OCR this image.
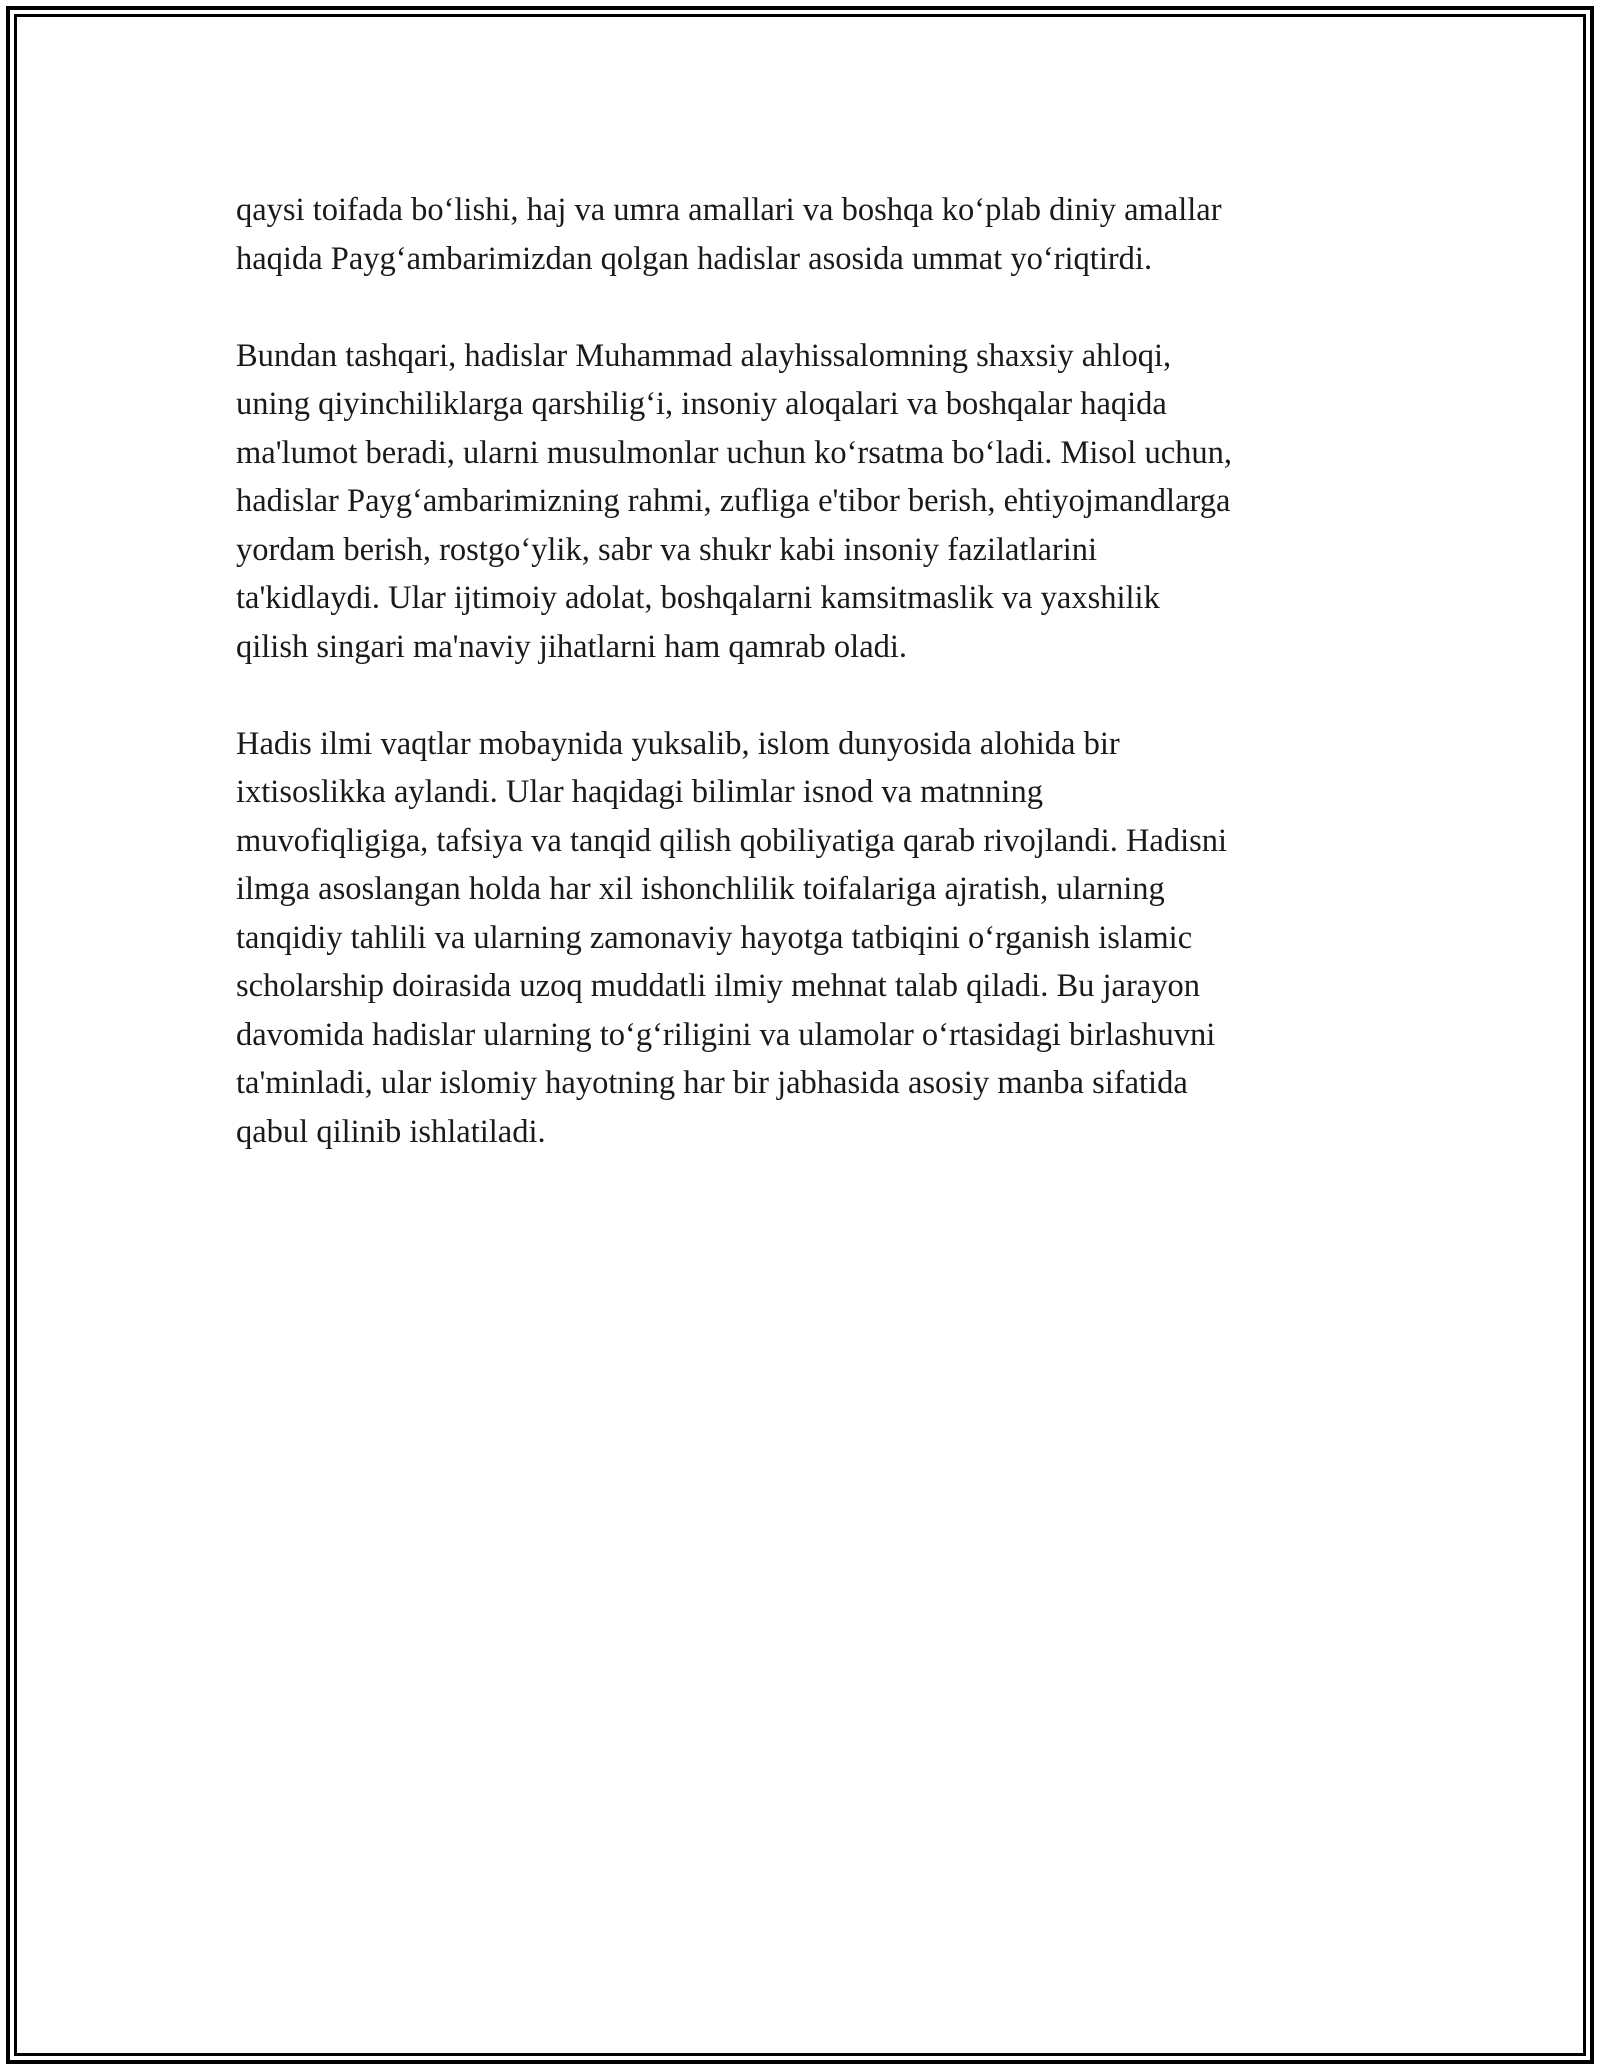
qaysi toifada bo‘lishi, haj va umra amallari va boshqa ko‘plab diniy amallar
haqida Payg‘ambarimizdan qolgan hadislar asosida ummat yo‘riqtirdi.

Bundan tashqari, hadislar Muhammad alayhissalomning shaxsiy ahloqi,
uning qiyinchiliklarga qarshilig‘i, insoniy aloqalari va boshqalar haqida
ma'lumot beradi, ularni musulmonlar uchun ko‘rsatma bo‘ladi. Misol uchun,
hadislar Payg‘ambarimizning rahmi, zufliga e'tibor berish, ehtiyojmandlarga
yordam berish, rostgo‘ylik, sabr va shukr kabi insoniy fazilatlarini
ta'kidlaydi. Ular ijtimoiy adolat, boshqalarni kamsitmaslik va yaxshilik
qilish singari ma'naviy jihatlarni ham qamrab oladi.

Hadis ilmi vaqtlar mobaynida yuksalib, islom dunyosida alohida bir
ixtisoslikka aylandi. Ular haqidagi bilimlar isnod va matnning
muvofiqligiga, tafsiya va tanqid qilish qobiliyatiga qarab rivojlandi. Hadisni
ilmga asoslangan holda har xil ishonchlilik toifalariga ajratish, ularning
tanqidiy tahlili va ularning zamonaviy hayotga tatbiqini o‘rganish islamic
scholarship doirasida uzoq muddatli ilmiy mehnat talab qiladi. Bu jarayon
davomida hadislar ularning to‘g‘riligini va ulamolar o‘rtasidagi birlashuvni
ta'minladi, ular islomiy hayotning har bir jabhasida asosiy manba sifatida
qabul qilinib ishlatiladi.
